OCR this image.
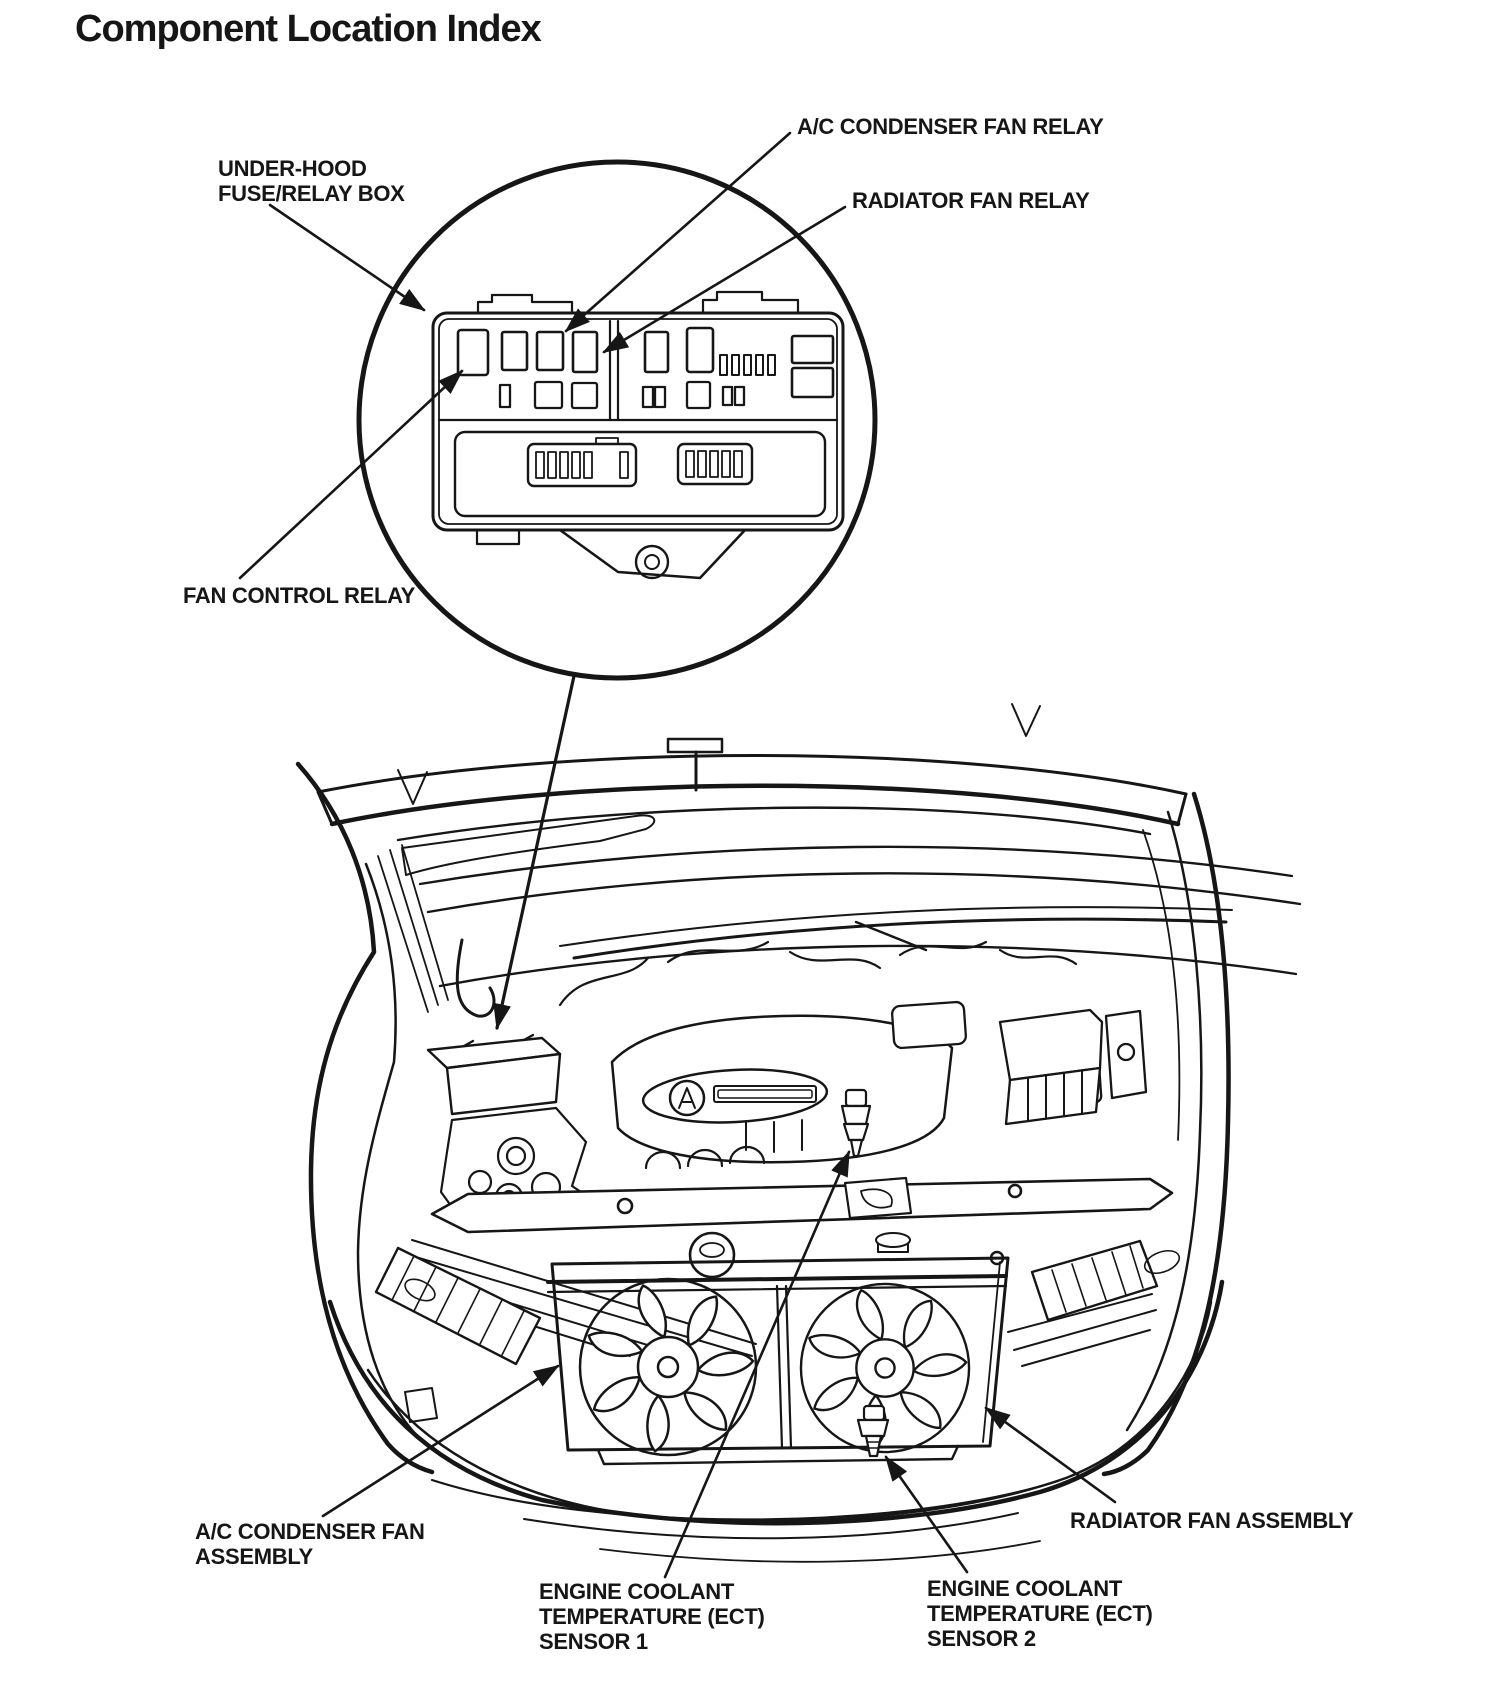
Component Location Index
UNDER-HOOD
FUSE/RELAY BOX
A/C CONDENSER FAN RELAY
RADIATOR FAN RELAY
FAN CONTROL RELAY
A/C CONDENSER FAN
ASSEMBLY
ENGINE COOLANT
TEMPERATURE (ECT)
SENSOR 1
ENGINE COOLANT
TEMPERATURE (ECT)
SENSOR 2
RADIATOR FAN ASSEMBLY
